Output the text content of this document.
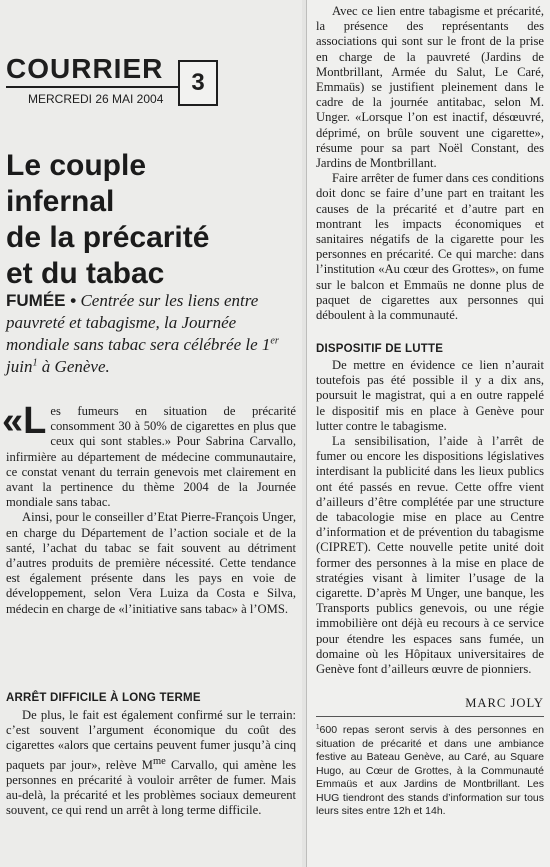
COURRIER
MERCREDI 26 MAI 2004
3
Le couple
infernal
de la précarité
et du tabac
FUMÉE • Centrée sur les liens entre pauvreté et tabagisme, la Journée mondiale sans tabac sera célébrée le 1er juin$^1$ à Genève.

«L es fumeurs en situation de précarité consomment 30 à 50% de cigarettes en plus que ceux qui sont stables.» Pour Sabrina Carvallo, infirmière au département de médecine communautaire, ce constat venant du terrain genevois met clairement en avant la pertinence du thème 2004 de la Journée mondiale sans tabac.

Ainsi, pour le conseiller d’Etat Pierre-François Unger, en charge du Département de l’action sociale et de la santé, l’achat du tabac se fait souvent au détriment d’autres produits de première nécessité. Cette tendance est également présente dans les pays en voie de développement, selon Vera Luiza da Costa e Silva, médecin en charge de «l’initiative sans tabac» à l’OMS.

ARRÊT DIFFICILE À LONG TERME

De plus, le fait est également confirmé sur le terrain: c’est souvent l’argument économique du coût des cigarettes «alors que certains peuvent fumer jusqu’à cinq paquets par jour», relève $M^{me}$ Carvallo, qui amène les personnes en précarité à vouloir arrêter de fumer. Mais au-delà, la précarité et les problèmes sociaux demeurent souvent, ce qui rend un arrêt à long terme difficile.

Avec ce lien entre tabagisme et précarité, la présence des représentants des associations qui sont sur le front de la prise en charge de la pauvreté (Jardins de Montbrillant, Armée du Salut, Le Caré, Emmaüs) se justifient pleinement dans le cadre de la journée antitabac, selon M. Unger. «Lorsque l’on est inactif, désœuvré, déprimé, on brûle souvent une cigarette», résume pour sa part Noël Constant, des Jardins de Montbrillant.

Faire arrêter de fumer dans ces conditions doit donc se faire d’une part en traitant les causes de la précarité et d’autre part en montrant les impacts économiques et sanitaires négatifs de la cigarette pour les personnes en précarité. Ce qui marche: dans l’institution «Au cœur des Grottes», on fume sur le balcon et Emmaüs ne donne plus de paquet de cigarettes aux personnes qui déboulent à la communauté.

DISPOSITIF DE LUTTE

De mettre en évidence ce lien n’aurait toutefois pas été possible il y a dix ans, poursuit le magistrat, qui a en outre rappelé le dispositif mis en place à Genève pour lutter contre le tabagisme.

La sensibilisation, l’aide à l’arrêt de fumer ou encore les dispositions législatives interdisant la publicité dans les lieux publics ont été passés en revue. Cette offre vient d’ailleurs d’être complétée par une structure de tabacologie mise en place au Centre d’information et de prévention du tabagisme (CIPRET). Cette nouvelle petite unité doit former des personnes à la mise en place de stratégies visant à limiter l’usage de la cigarette. D’après M Unger, une banque, les Transports publics genevois, ou une régie immobilière ont déjà eu recours à ce service pour étendre les espaces sans fumée, un domaine où les Hôpitaux universitaires de Genève font d’ailleurs œuvre de pionniers.

MARC JOLY
$^1$600 repas seront servis à des personnes en situation de précarité et dans une ambiance festive au Bateau Genève, au Caré, au Square Hugo, au Cœur de Grottes, à la Communauté Emmaüs et aux Jardins de Montbrillant. Les HUG tiendront des stands d’information sur tous leurs sites entre 12h et 14h.
